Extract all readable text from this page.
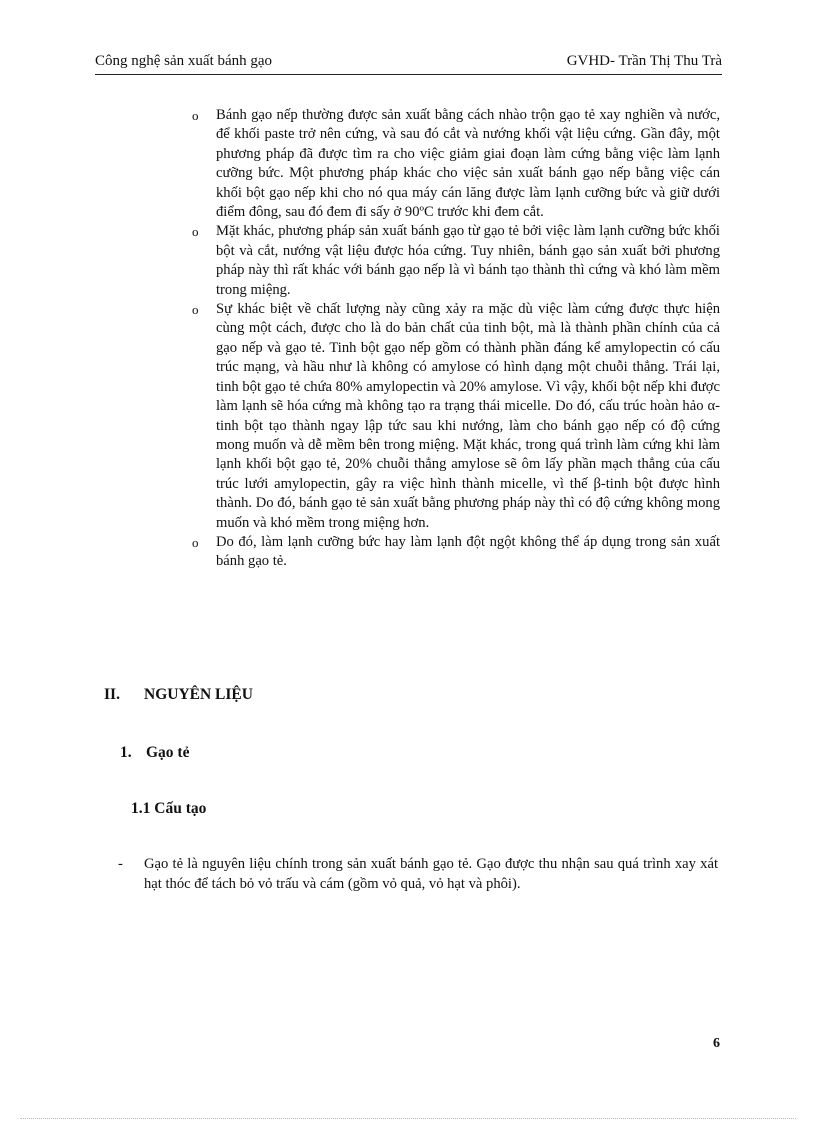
Công nghệ sản xuất bánh gạo	GVHD- Trần Thị Thu Trà
o Bánh gạo nếp thường được sản xuất bằng cách nhào trộn gạo tẻ xay nghiền và nước, để khối paste trở nên cứng, và sau đó cắt và nướng khối vật liệu cứng. Gần đây, một phương pháp đã được tìm ra cho việc giảm giai đoạn làm cứng bằng việc làm lạnh cưỡng bức. Một phương pháp khác cho việc sản xuất bánh gạo nếp bằng việc cán khối bột gạo nếp khi cho nó qua máy cán lăng được làm lạnh cưỡng bức và giữ dưới điểm đông, sau đó đem đi sấy ở 90ºC trước khi đem cắt.
o Mặt khác, phương pháp sản xuất bánh gạo từ gạo tẻ bởi việc làm lạnh cưỡng bức khối bột và cắt, nướng vật liệu được hóa cứng. Tuy nhiên, bánh gạo sản xuất bởi phương pháp này thì rất khác với bánh gạo nếp là vì bánh tạo thành thì cứng và khó làm mềm trong miệng.
o Sự khác biệt về chất lượng này cũng xảy ra mặc dù việc làm cứng được thực hiện cùng một cách, được cho là do bản chất của tinh bột, mà là thành phần chính của cả gạo nếp và gạo tẻ. Tinh bột gạo nếp gồm có thành phần đáng kể amylopectin có cấu trúc mạng, và hầu như là không có amylose có hình dạng một chuỗi thẳng. Trái lại, tinh bột gạo tẻ chứa 80% amylopectin và 20% amylose. Vì vậy, khối bột nếp khi được làm lạnh sẽ hóa cứng mà không tạo ra trạng thái micelle. Do đó, cấu trúc hoàn hảo α-tinh bột tạo thành ngay lập tức sau khi nướng, làm cho bánh gạo nếp có độ cứng mong muốn và dễ mềm bên trong miệng. Mặt khác, trong quá trình làm cứng khi làm lạnh khối bột gạo tẻ, 20% chuỗi thẳng amylose sẽ ôm lấy phần mạch thẳng của cấu trúc lưới amylopectin, gây ra việc hình thành micelle, vì thế β-tinh bột được hình thành. Do đó, bánh gạo tẻ sản xuất bằng phương pháp này thì có độ cứng không mong muốn và khó mềm trong miệng hơn.
o Do đó, làm lạnh cưỡng bức hay làm lạnh đột ngột không thể áp dụng trong sản xuất bánh gạo tẻ.
II. NGUYÊN LIỆU
1. Gạo tẻ
1.1 Cấu tạo
- Gạo tẻ là nguyên liệu chính trong sản xuất bánh gạo tẻ. Gạo được thu nhận sau quá trình xay xát hạt thóc để tách bỏ vỏ trấu và cám (gồm vỏ quả, vỏ hạt và phôi).
6
